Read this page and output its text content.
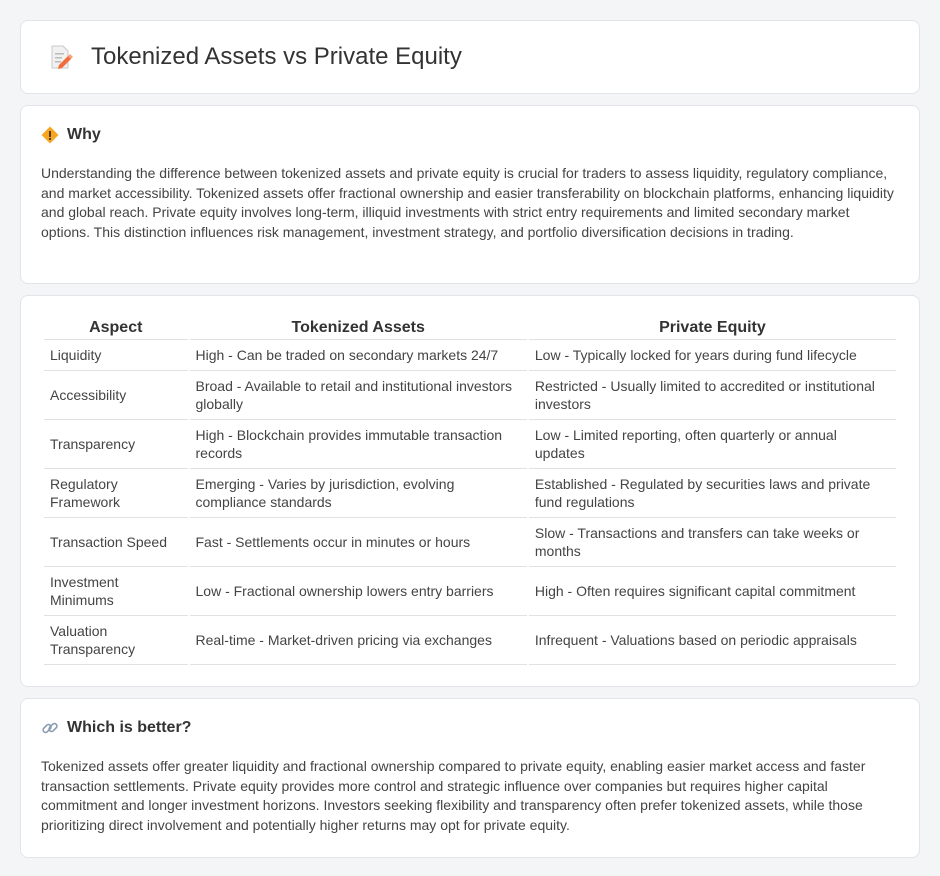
Tokenized Assets vs Private Equity
Why

Understanding the difference between tokenized assets and private equity is crucial for traders to assess liquidity, regulatory compliance, and market accessibility. Tokenized assets offer fractional ownership and easier transferability on blockchain platforms, enhancing liquidity and global reach. Private equity involves long-term, illiquid investments with strict entry requirements and limited secondary market options. This distinction influences risk management, investment strategy, and portfolio diversification decisions in trading.

Aspect	Tokenized Assets	Private Equity
Liquidity	High - Can be traded on secondary markets 24/7	Low - Typically locked for years during fund lifecycle
Accessibility	Broad - Available to retail and institutional investors globally	Restricted - Usually limited to accredited or institutional investors
Transparency	High - Blockchain provides immutable transaction records	Low - Limited reporting, often quarterly or annual updates
Regulatory Framework	Emerging - Varies by jurisdiction, evolving compliance standards	Established - Regulated by securities laws and private fund regulations
Transaction Speed	Fast - Settlements occur in minutes or hours	Slow - Transactions and transfers can take weeks or months
Investment Minimums	Low - Fractional ownership lowers entry barriers	High - Often requires significant capital commitment
Valuation Transparency	Real-time - Market-driven pricing via exchanges	Infrequent - Valuations based on periodic appraisals
Which is better?

Tokenized assets offer greater liquidity and fractional ownership compared to private equity, enabling easier market access and faster transaction settlements. Private equity provides more control and strategic influence over companies but requires higher capital commitment and longer investment horizons. Investors seeking flexibility and transparency often prefer tokenized assets, while those prioritizing direct involvement and potentially higher returns may opt for private equity.
